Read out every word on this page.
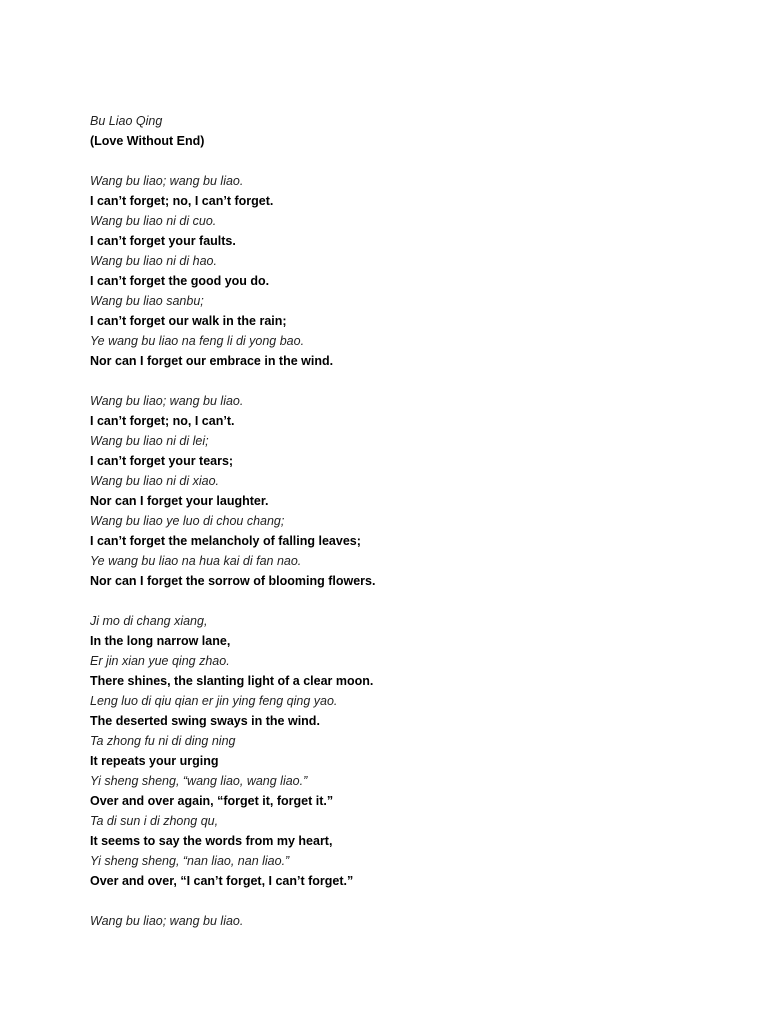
Bu Liao Qing
(Love Without End)
Wang bu liao; wang bu liao.
I can’t forget; no, I can’t forget.
Wang bu liao ni di cuo.
I can’t forget your faults.
Wang bu liao ni di hao.
I can’t forget the good you do.
Wang bu liao sanbu;
I can’t forget our walk in the rain;
Ye wang bu liao na feng li di yong bao.
Nor can I forget our embrace in the wind.
Wang bu liao; wang bu liao.
I can’t forget; no, I can’t.
Wang bu liao ni di lei;
I can’t forget your tears;
Wang bu liao ni di xiao.
Nor can I forget your laughter.
Wang bu liao ye luo di chou chang;
I can’t forget the melancholy of falling leaves;
Ye wang bu liao na hua kai di fan nao.
Nor can I forget the sorrow of blooming flowers.
Ji mo di chang xiang,
In the long narrow lane,
Er jin xian yue qing zhao.
There shines, the slanting light of a clear moon.
Leng luo di qiu qian er jin ying feng qing yao.
The deserted swing sways in the wind.
Ta zhong fu ni di ding ning
It repeats your urging
Yi sheng sheng, “wang liao, wang liao.”
Over and over again, “forget it, forget it.”
Ta di sun i di zhong qu,
It seems to say the words from my heart,
Yi sheng sheng, “nan liao, nan liao.”
Over and over, “I can’t forget, I can’t forget.”
Wang bu liao; wang bu liao.
